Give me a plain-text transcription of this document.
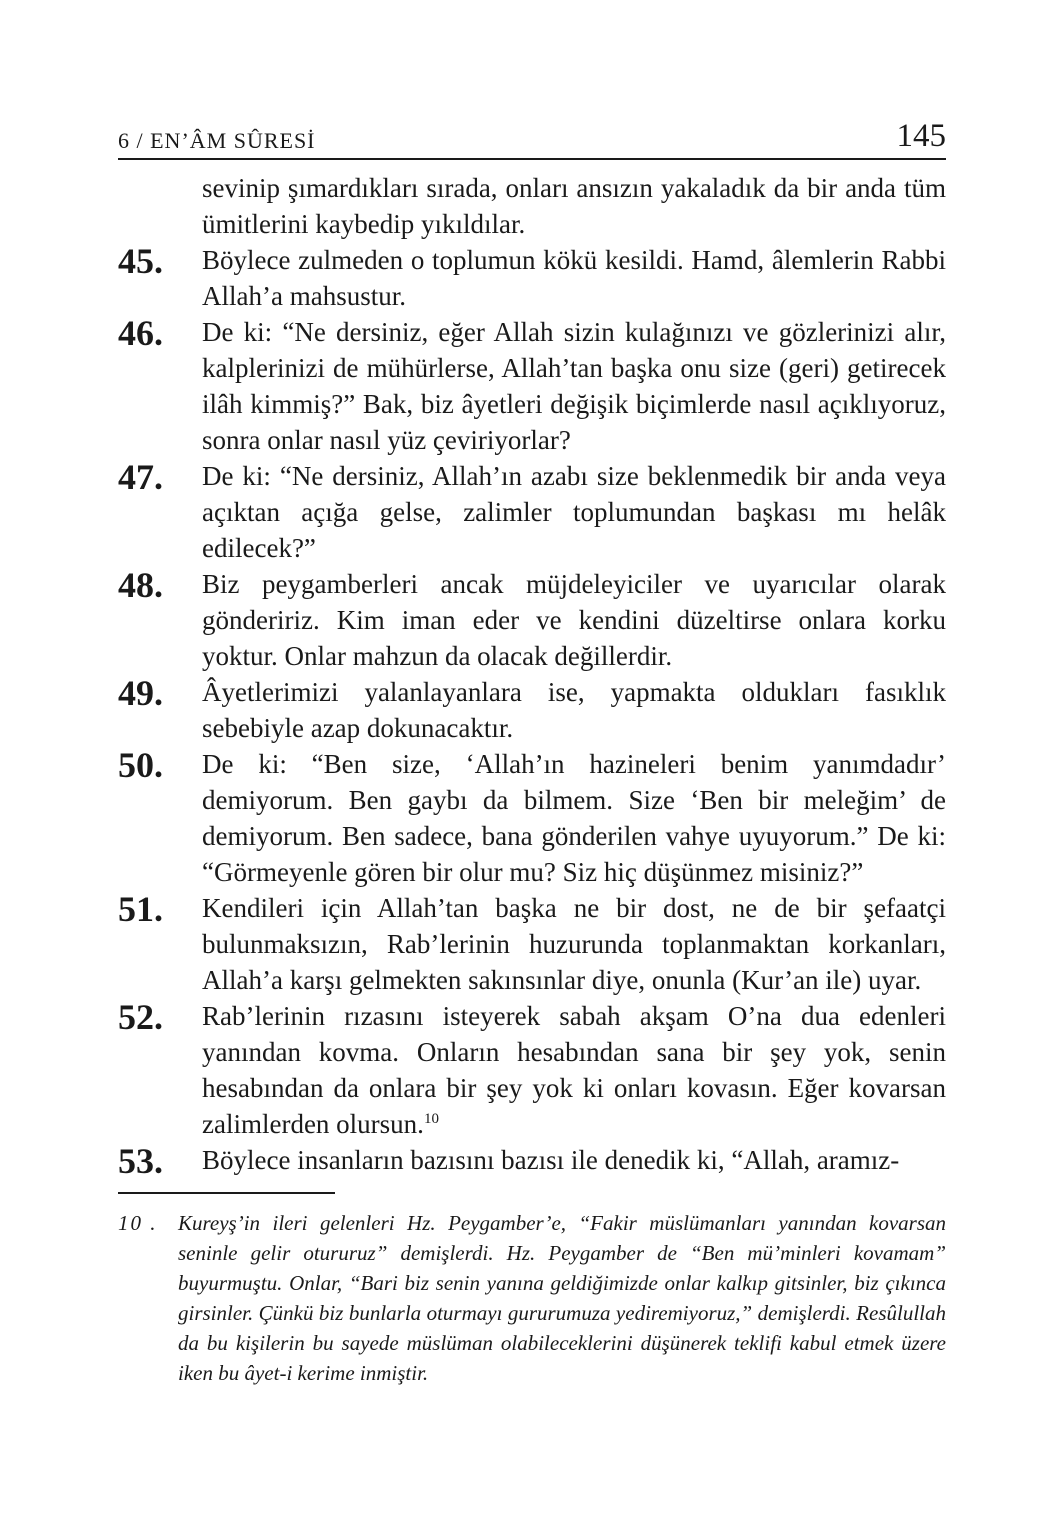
6 / EN’ÂM SÛRESİ	145
sevinip şımardıkları sırada, onları ansızın yakaladık da bir anda tüm ümitlerini kaybedip yıkıldılar.
45. Böylece zulmeden o toplumun kökü kesildi. Hamd, âlemlerin Rabbi Allah’a mahsustur.
46. De ki: “Ne dersiniz, eğer Allah sizin kulağınızı ve gözlerinizi alır, kalplerinizi de mühürlerse, Allah’tan başka onu size (geri) getirecek ilâh kimmiş?” Bak, biz âyetleri değişik biçimlerde nasıl açıklıyoruz, sonra onlar nasıl yüz çeviriyorlar?
47. De ki: “Ne dersiniz, Allah’ın azabı size beklenmedik bir anda veya açıktan açığa gelse, zalimler toplumundan başkası mı helâk edilecek?”
48. Biz peygamberleri ancak müjdeleyiciler ve uyarıcılar olarak göndeririz. Kim iman eder ve kendini düzeltirse onlara korku yoktur. Onlar mahzun da olacak değillerdir.
49. Âyetlerimizi yalanlayanlara ise, yapmakta oldukları fasıklık sebebiyle azap dokunacaktır.
50. De ki: “Ben size, ‘Allah’ın hazineleri benim yanımdadır’ demiyorum. Ben gaybı da bilmem. Size ‘Ben bir meleğim’ de demiyorum. Ben sadece, bana gönderilen vahye uyuyorum.” De ki: “Görmeyenle gören bir olur mu? Siz hiç düşünmez misiniz?”
51. Kendileri için Allah’tan başka ne bir dost, ne de bir şefaatçi bulunmaksızın, Rab’lerinin huzurunda toplanmaktan korkanları, Allah’a karşı gelmekten sakınsınlar diye, onunla (Kur’an ile) uyar.
52. Rab’lerinin rızasını isteyerek sabah akşam O’na dua edenleri yanından kovma. Onların hesabından sana bir şey yok, senin hesabından da onlara bir şey yok ki onları kovasın. Eğer kovarsan zalimlerden olursun.$^{10}$
53. Böylece insanların bazısını bazısı ile denedik ki, “Allah, aramız-
10 . Kureyş’in ileri gelenleri Hz. Peygamber’e, “Fakir müslümanları yanından kovarsan seninle gelir otururuz” demişlerdi. Hz. Peygamber de “Ben mü’minleri kovamam” buyurmuştu. Onlar, “Bari biz senin yanına geldiğimizde onlar kalkıp gitsinler, biz çıkınca girsinler. Çünkü biz bunlarla oturmayı gururumuza yediremiyoruz,” demişlerdi. Resûlullah da bu kişilerin bu sayede müslüman olabileceklerini düşünerek teklifi kabul etmek üzere iken bu âyet-i kerime inmiştir.
